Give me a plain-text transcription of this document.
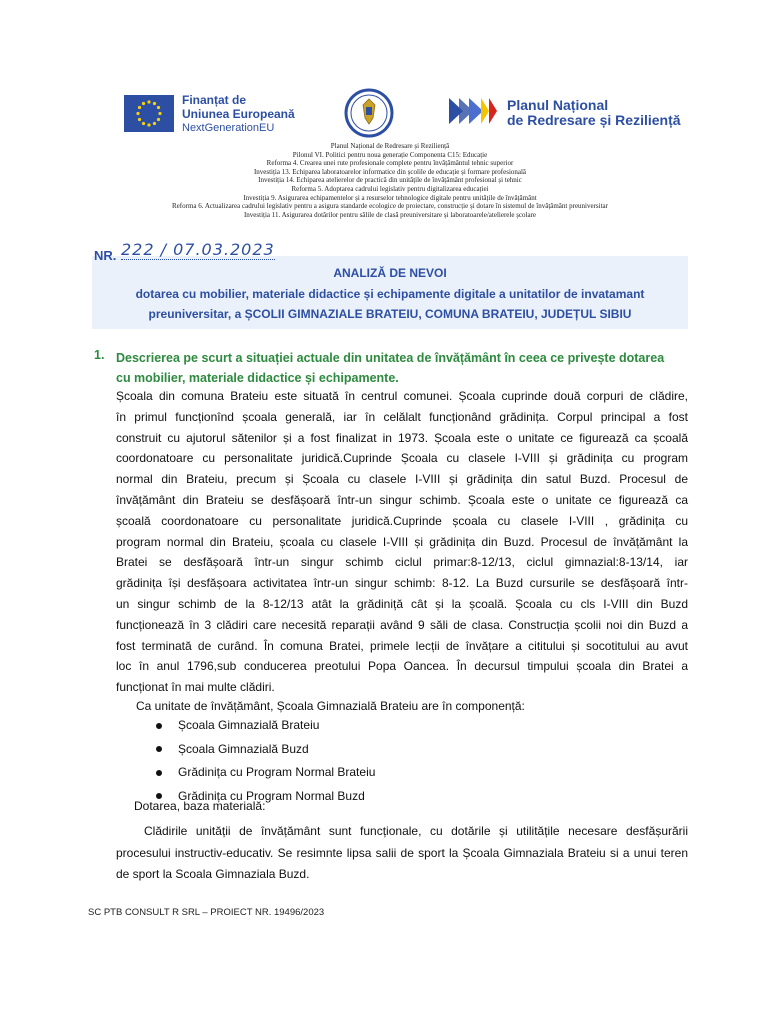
Finanțat de
Uniunea Europeană
NextGenerationEU
Planul Național
de Redresare și Reziliență
Planul Național de Redresare și Reziliență
Pilonul VI. Politici pentru noua generație Componenta C15: Educație
Reforma 4. Crearea unei rute profesionale complete pentru învățământul tehnic superior
Investiția 13. Echiparea laboratoarelor informatice din școlile de educație și formare profesională
Investiția 14. Echiparea atelierelor de practică din unitățile de învățământ profesional și tehnic
Reforma 5. Adoptarea cadrului legislativ pentru digitalizarea educației
Investiția 9. Asigurarea echipamentelor și a resurselor tehnologice digitale pentru unitățile de învățământ
Reforma 6. Actualizarea cadrului legislativ pentru a asigura standarde ecologice de proiectare, construcție și dotare în sistemul de învățământ preuniversitar
Investiția 11. Asigurarea dotărilor pentru sălile de clasă preuniversitare și laboratoarele/atelierele școlare
NR. 222 / 07.03.2023
ANALIZĂ DE NEVOI
dotarea cu mobilier, materiale didactice și echipamente digitale a unitatilor de invatamant
preuniversitar, a ȘCOLII GIMNAZIALE BRATEIU, COMUNA BRATEIU, JUDEȚUL SIBIU
1. Descrierea pe scurt a situației actuale din unitatea de învățământ în ceea ce privește dotarea
cu mobilier, materiale didactice și echipamente.
Școala din comuna Brateiu este situată în centrul comunei. Școala cuprinde două corpuri de clădire,
în primul funcționînd școala generală, iar în celălalt funcționând grădinița. Corpul principal a fost
construit cu ajutorul sătenilor și a fost finalizat in 1973. Școala este o unitate ce figurează ca școală
coordonatoare cu personalitate juridică.Cuprinde Școala cu clasele I-VIII și grădinița cu program
normal din Brateiu, precum și Școala cu clasele I-VIII și grădinița din satul Buzd. Procesul de
învățământ din Brateiu se desfășoară într-un singur schimb. Școala este o unitate ce figurează ca
școală coordonatoare cu personalitate juridică.Cuprinde școala cu clasele I-VIII , grădinița cu
program normal din Brateiu, școala cu clasele I-VIII și grădinița din Buzd. Procesul de învățământ la
Bratei se desfășoară într-un singur schimb ciclul primar:8-12/13, ciclul gimnazial:8-13/14, iar
grădinița își desfășoara activitatea într-un singur schimb: 8-12. La Buzd cursurile se desfășoară într-
un singur schimb de la 8-12/13 atât la grădiniță cât și la școală. Școala cu cls I-VIII din Buzd
funcționează în 3 clădiri care necesită reparații având 9 săli de clasa. Construcția școlii noi din Buzd a
fost terminată de curând. În comuna Bratei, primele lecții de învățare a cititului și socotitului au avut
loc în anul 1796,sub conducerea preotului Popa Oancea. În decursul timpului școala din Bratei a
funcționat în mai multe clădiri.
Ca unitate de învățământ, Școala Gimnazială Brateiu are în componență:
Școala Gimnazială Brateiu
Școala Gimnazială Buzd
Grădinița cu Program Normal Brateiu
Grădinița cu Program Normal Buzd
Dotarea, baza materială:
Clădirile unității de învățământ sunt funcționale, cu dotările și utilitățile necesare desfășurării
procesului instructiv-educativ. Se resimnte lipsa salii de sport la Școala Gimnaziala Brateiu si a unui teren
de sport la Scoala Gimnaziala Buzd.
SC PTB CONSULT R SRL – PROIECT NR. 19496/2023
